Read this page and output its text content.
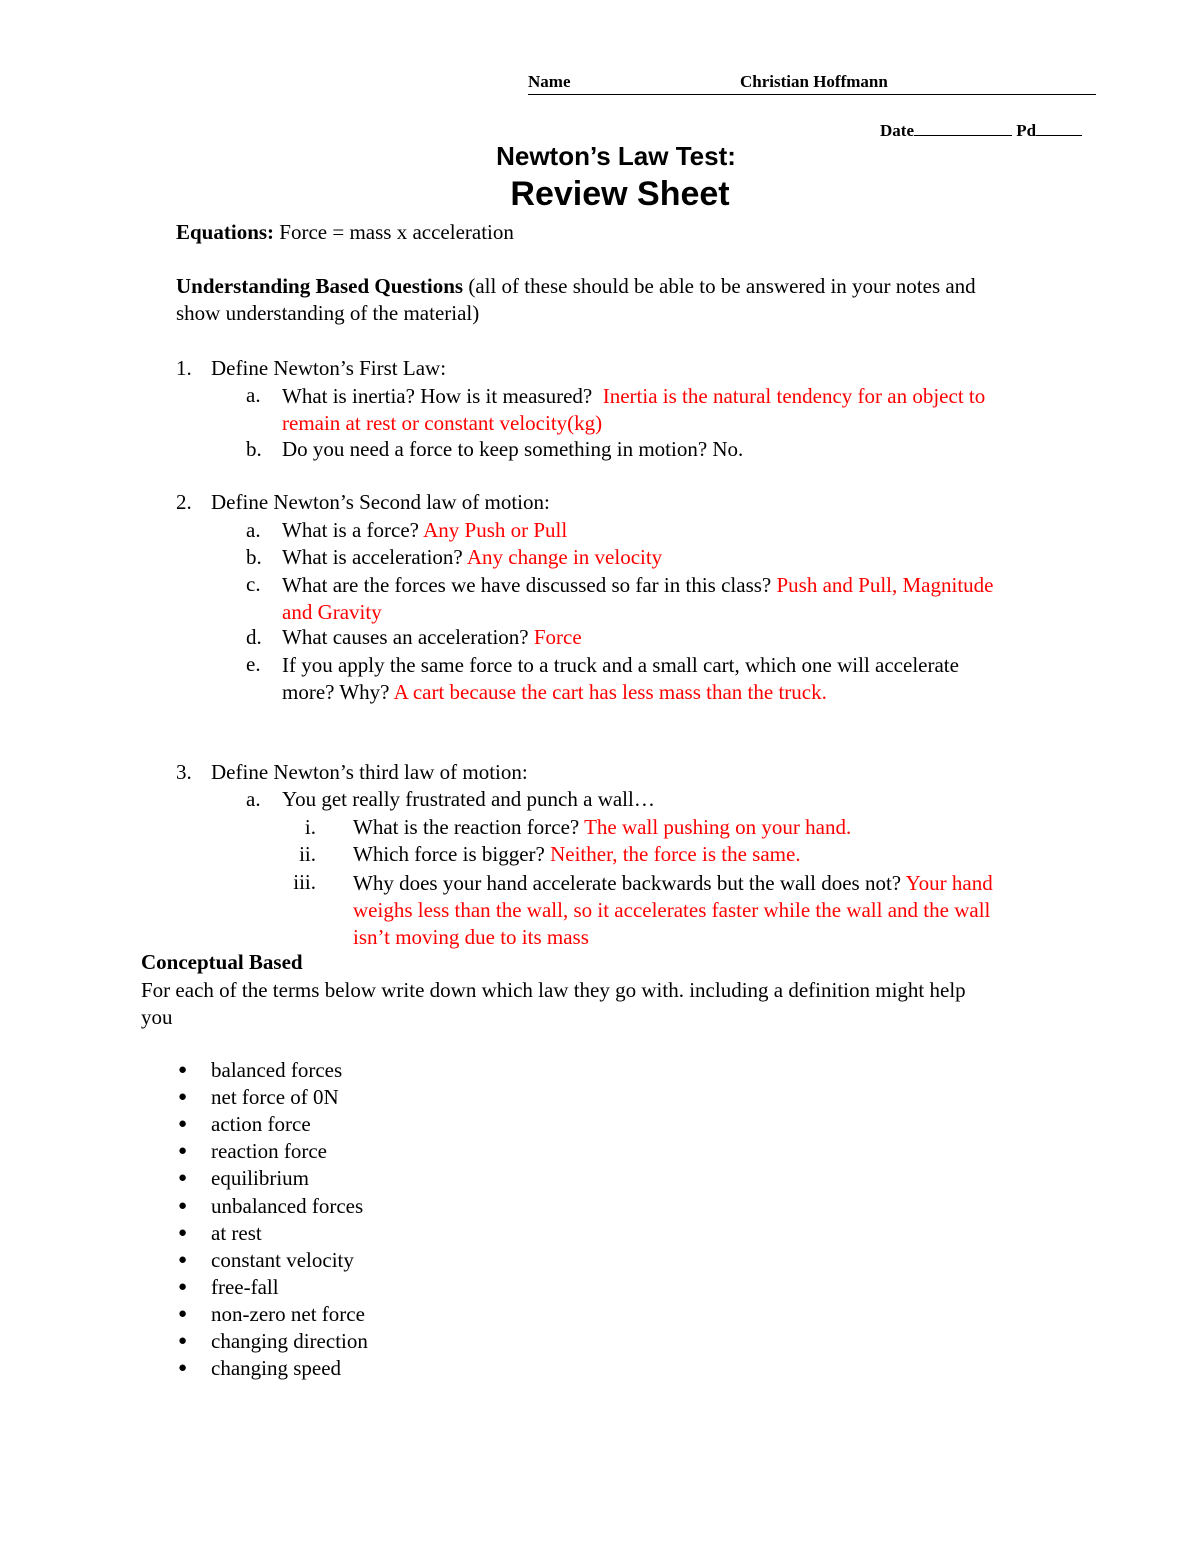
Name	Christian Hoffmann
Date	Pd
Newton’s Law Test:
Review Sheet
Equations: Force = mass x acceleration
Understanding Based Questions (all of these should be able to be answered in your notes and
show understanding of the material)
1. Define Newton’s First Law:
a. What is inertia? How is it measured? Inertia is the natural tendency for an object to
remain at rest or constant velocity(kg)
b. Do you need a force to keep something in motion? No.
2. Define Newton’s Second law of motion:
a. What is a force? Any Push or Pull
b. What is acceleration? Any change in velocity
c. What are the forces we have discussed so far in this class? Push and Pull, Magnitude
and Gravity
d. What causes an acceleration? Force
e. If you apply the same force to a truck and a small cart, which one will accelerate
more? Why? A cart because the cart has less mass than the truck.
3. Define Newton’s third law of motion:
a. You get really frustrated and punch a wall…
i. What is the reaction force? The wall pushing on your hand.
ii. Which force is bigger? Neither, the force is the same.
iii. Why does your hand accelerate backwards but the wall does not? Your hand
weighs less than the wall, so it accelerates faster while the wall and the wall
isn’t moving due to its mass
Conceptual Based
For each of the terms below write down which law they go with. including a definition might help
you
● balanced forces
● net force of 0N
● action force
● reaction force
● equilibrium
● unbalanced forces
● at rest
● constant velocity
● free-fall
● non-zero net force
● changing direction
● changing speed
